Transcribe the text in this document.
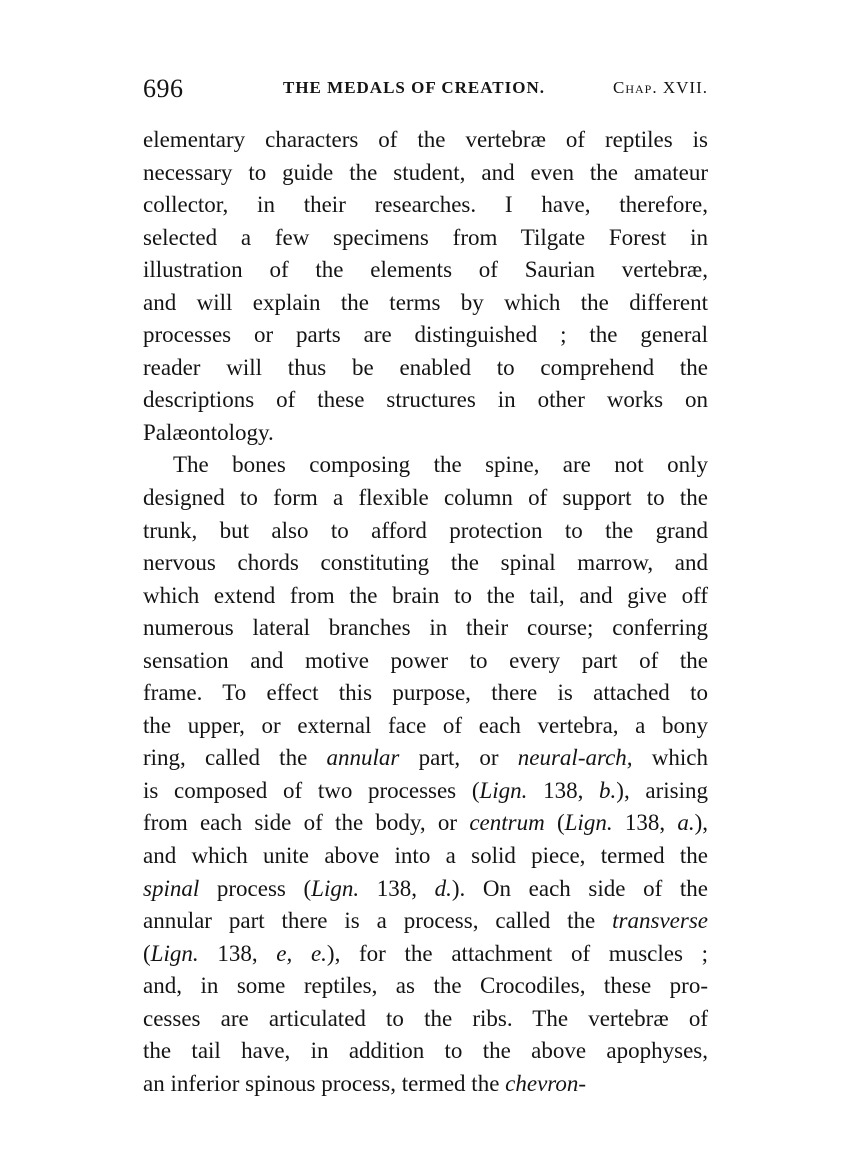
696	THE MEDALS OF CREATION.	Chap. XVII.
elementary characters of the vertebræ of reptiles is
necessary to guide the student, and even the amateur
collector, in their researches. I have, therefore,
selected a few specimens from Tilgate Forest in
illustration of the elements of Saurian vertebræ,
and will explain the terms by which the different
processes or parts are distinguished ; the general
reader will thus be enabled to comprehend the
descriptions of these structures in other works on
Palæontology.
The bones composing the spine, are not only
designed to form a flexible column of support to the
trunk, but also to afford protection to the grand
nervous chords constituting the spinal marrow, and
which extend from the brain to the tail, and give off
numerous lateral branches in their course; conferring
sensation and motive power to every part of the
frame. To effect this purpose, there is attached to
the upper, or external face of each vertebra, a bony
ring, called the annular part, or neural-arch, which
is composed of two processes (Lign. 138, b.), arising
from each side of the body, or centrum (Lign. 138, a.),
and which unite above into a solid piece, termed the
spinal process (Lign. 138, d.). On each side of the
annular part there is a process, called the transverse
(Lign. 138, e, e.), for the attachment of muscles ;
and, in some reptiles, as the Crocodiles, these pro-
cesses are articulated to the ribs. The vertebræ of
the tail have, in addition to the above apophyses,
an inferior spinous process, termed the chevron-
